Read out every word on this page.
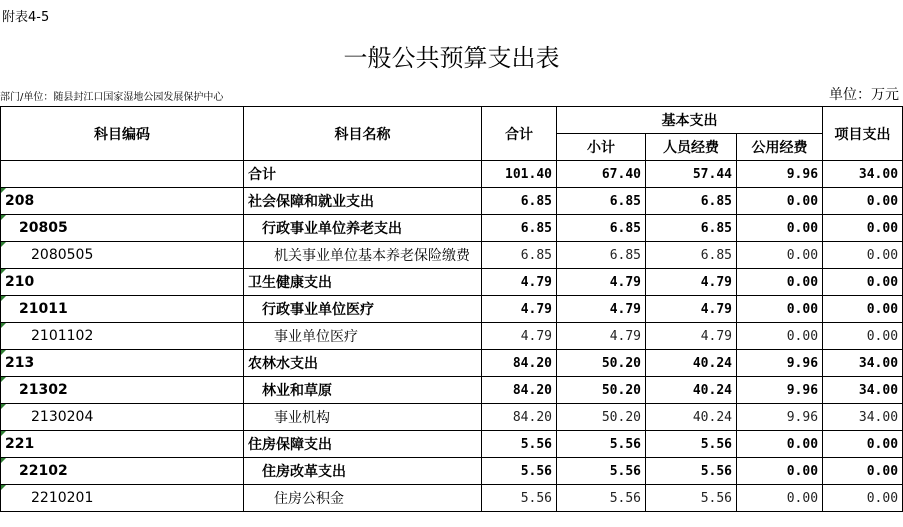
附表4-5
一般公共预算支出表
部门/单位：随县封江口国家湿地公园发展保护中心	单位：万元
科目编码	科目名称	合计	基本支出			项目支出
			小计	人员经费	公用经费	
	合计	101.40	67.40	57.44	9.96	34.00

208	社会保障和就业支出	6.85	6.85	6.85	0.00	0.00

20805	行政事业单位养老支出	6.85	6.85	6.85	0.00	0.00

2080505	机关事业单位基本养老保险缴费	6.85	6.85	6.85	0.00	0.00

210	卫生健康支出	4.79	4.79	4.79	0.00	0.00

21011	行政事业单位医疗	4.79	4.79	4.79	0.00	0.00

2101102	事业单位医疗	4.79	4.79	4.79	0.00	0.00

213	农林水支出	84.20	50.20	40.24	9.96	34.00

21302	林业和草原	84.20	50.20	40.24	9.96	34.00

2130204	事业机构	84.20	50.20	40.24	9.96	34.00

221	住房保障支出	5.56	5.56	5.56	0.00	0.00

22102	住房改革支出	5.56	5.56	5.56	0.00	0.00

2210201	住房公积金	5.56	5.56	5.56	0.00	0.00
